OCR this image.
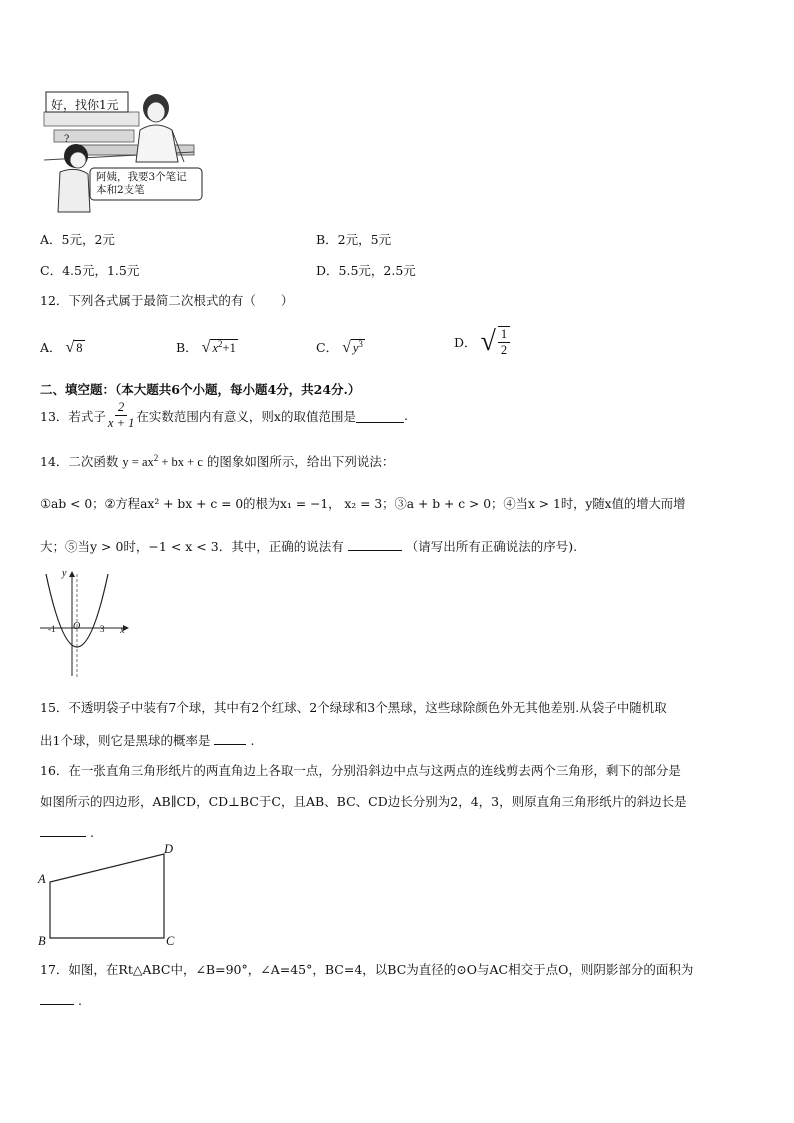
?
好，找你1元
阿姨，我要3个笔记
本和2支笔
A．5元，2元	B．2元，5元
C．4.5元，1.5元	D．5.5元，2.5元
12．下列各式属于最简二次根式的有（　　）
A． √ 8	B． √ $x^2+1$	C． √ $y^3$	D． √ $\frac{1}{2}$
二、填空题：（本大题共6个小题，每小题4分，共24分.）
13．若式子 $\frac{2}{x + 1}$ 在实数范围内有意义，则x的取值范围是	.
14．二次函数 $y = ax^2$ + bx + c 的图象如图所示，给出下列说法：
①ab < 0；②方程ax² + bx + c = 0的根为x₁ = −1， x₂ = 3；③a + b + c > 0；④当x > 1时，y随x值的增大而增
大；⑤当y > 0时，−1 < x < 3．其中，正确的说法有	（请写出所有正确说法的序号).
y
x
O
-1	3
15．不透明袋子中装有7个球，其中有2个红球、2个绿球和3个黑球，这些球除颜色外无其他差别.从袋子中随机取
出1个球，则它是黑球的概率是	.
16．在一张直角三角形纸片的两直角边上各取一点，分别沿斜边中点与这两点的连线剪去两个三角形，剩下的部分是
如图所示的四边形，AB∥CD，CD⊥BC于C，且AB、BC、CD边长分别为2，4，3，则原直角三角形纸片的斜边长是
.
A
B	C
D
17．如图，在Rt△ABC中，∠B=90°，∠A=45°，BC=4，以BC为直径的⊙O与AC相交于点O，则阴影部分的面积为
.
